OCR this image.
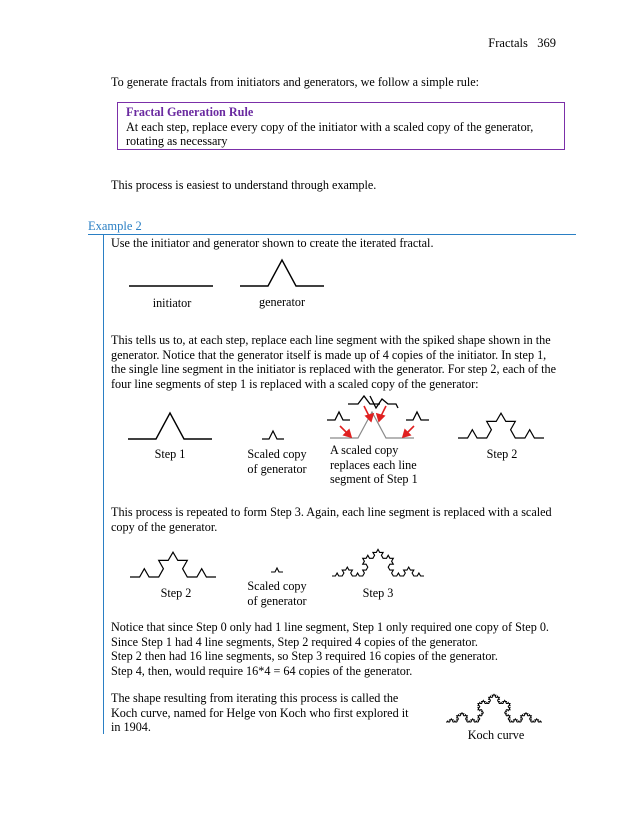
Fractals 369
To generate fractals from initiators and generators, we follow a simple rule:
Fractal Generation Rule
At each step, replace every copy of the initiator with a scaled copy of the generator,
rotating as necessary
This process is easiest to understand through example.
Example 2
Use the initiator and generator shown to create the iterated fractal.
initiator	generator
This tells us to, at each step, replace each line segment with the spiked shape shown in the
generator. Notice that the generator itself is made up of 4 copies of the initiator. In step 1,
the single line segment in the initiator is replaced with the generator. For step 2, each of the
four line segments of step 1 is replaced with a scaled copy of the generator:
Step 1	Scaled copy
of generator
A scaled copy
replaces each line
segment of Step 1
Step 2
This process is repeated to form Step 3. Again, each line segment is replaced with a scaled
copy of the generator.
Step 2	Scaled copy
of generator
Step 3
Notice that since Step 0 only had 1 line segment, Step 1 only required one copy of Step 0.
Since Step 1 had 4 line segments, Step 2 required 4 copies of the generator.
Step 2 then had 16 line segments, so Step 3 required 16 copies of the generator.
Step 4, then, would require 16*4 = 64 copies of the generator.
The shape resulting from iterating this process is called the
Koch curve, named for Helge von Koch who first explored it
in 1904.
Koch curve
